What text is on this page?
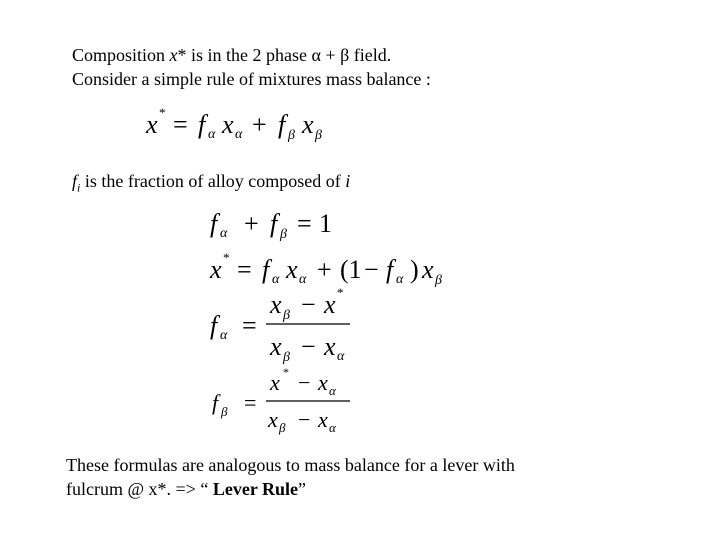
Composition x* is in the 2 phase α + β field.
Consider a simple rule of mixtures mass balance :
x * = f α x α + f β x β
$f_i$ is the fraction of alloy composed of i
f α + f β = 1
x * = f α x α + (1 − f α ) x β
f α =
x β − x *
x β − x α
f β =
x * − x α
x β − x α
These formulas are analogous to mass balance for a lever with
fulcrum @ x*. => “ Lever Rule”
